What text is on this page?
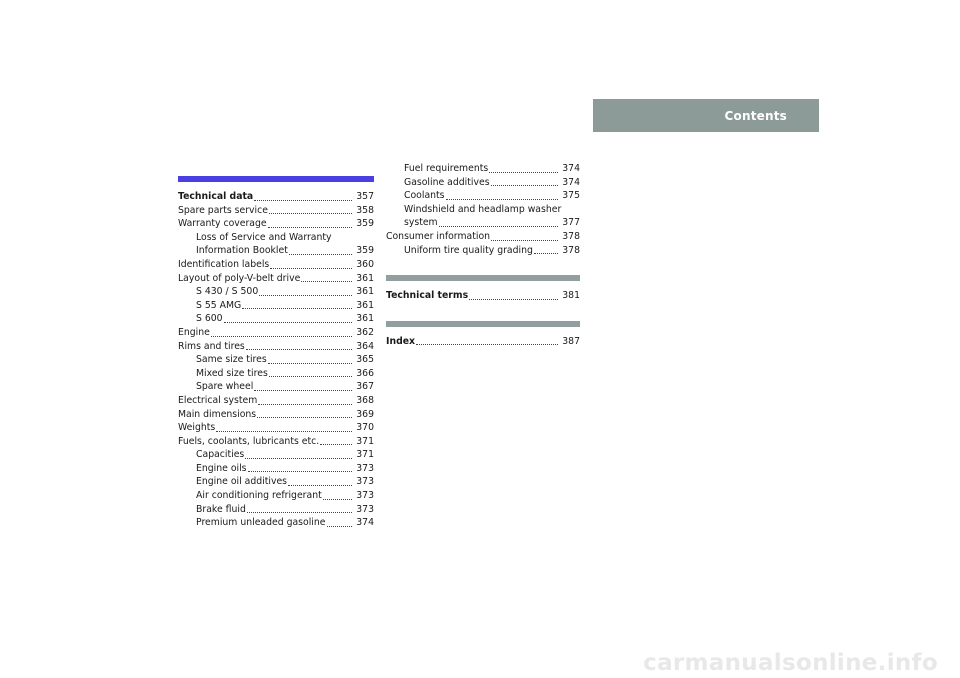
Contents
Technical data	357
Spare parts service	358
Warranty coverage	359
Loss of Service and Warranty
Information Booklet	359
Identification labels	360
Layout of poly-V-belt drive	361
S 430 / S 500	361
S 55 AMG	361
S 600	361
Engine	362
Rims and tires	364
Same size tires	365
Mixed size tires	366
Spare wheel	367
Electrical system	368
Main dimensions	369
Weights	370
Fuels, coolants, lubricants etc.	371
Capacities	371
Engine oils	373
Engine oil additives	373
Air conditioning refrigerant	373
Brake fluid	373
Premium unleaded gasoline	374
Fuel requirements	374
Gasoline additives	374
Coolants	375
Windshield and headlamp washer
system	377
Consumer information	378
Uniform tire quality grading	378
Technical terms	381
Index	387
carmanualsonline.info
